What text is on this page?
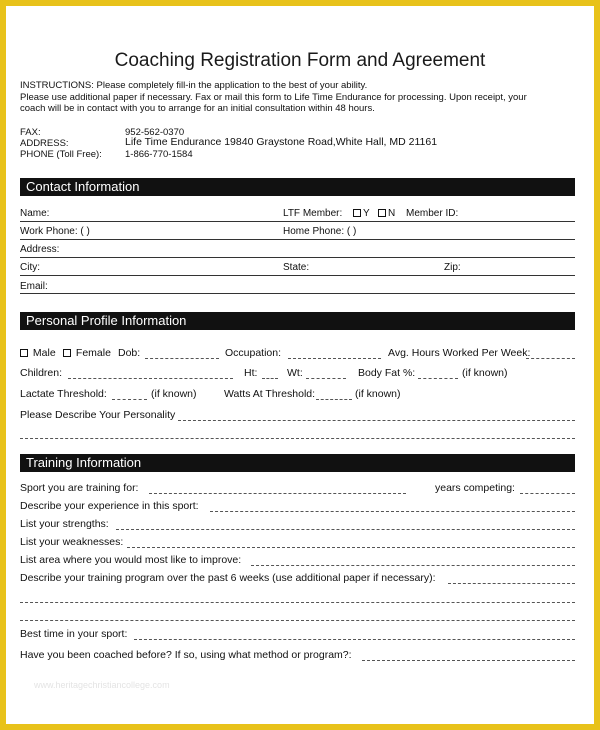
Coaching Registration Form and Agreement
INSTRUCTIONS: Please completely fill-in the application to the best of your ability.
Please use additional paper if necessary. Fax or mail this form to Life Time Endurance for processing. Upon receipt, your
coach will be in contact with you to arrange for an initial consultation within 48 hours.
FAX:	952-562-0370
ADDRESS:	Life Time Endurance 19840 Graystone Road,White Hall, MD 21161
PHONE (Toll Free): 1-866-770-1584
Contact Information
Name:	LTF Member:	Y	N Member ID:
Work Phone: ( )	Home Phone: ( )
Address:
City:	State:	Zip:
Email:
Personal Profile Information
Male	Female Dob:	Occupation:	Avg. Hours Worked Per Week:
Children:	Ht:	Wt:	Body Fat %:	(if known)
Lactate Threshold:	(if known)	Watts At Threshold:	(if known)
Please Describe Your Personality
Training Information
Sport you are training for:	years competing:
Describe your experience in this sport:
List your strengths:
List your weaknesses:
List area where you would most like to improve:
Describe your training program over the past 6 weeks (use additional paper if necessary):
Best time in your sport:
Have you been coached before? If so, using what method or program?:
www.heritagechristiancollege.com
